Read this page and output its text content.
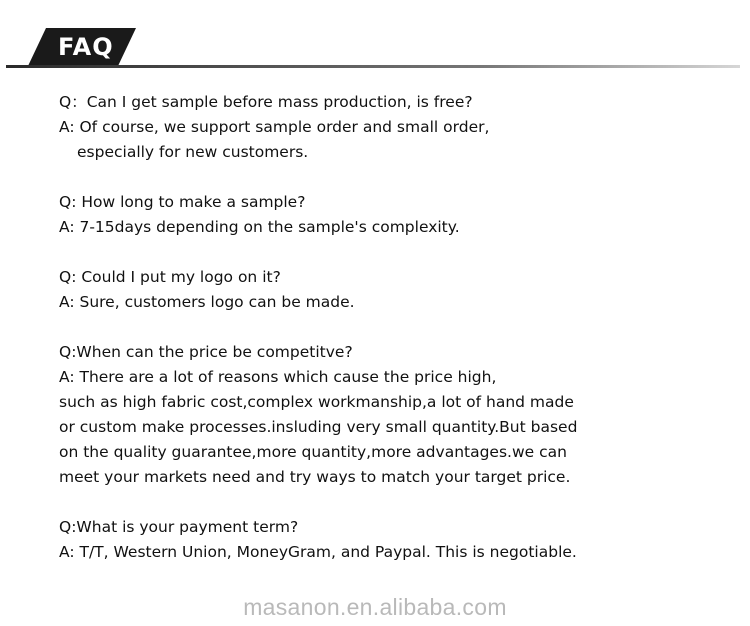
FAQ
Q：Can I get sample before mass production, is free?
A: Of course, we support sample order and small order,
especially for new customers.
Q: How long to make a sample?
A: 7-15days depending on the sample's complexity.
Q: Could I put my logo on it?
A: Sure, customers logo can be made.
Q:When can the price be competitve?
A: There are a lot of reasons which cause the price high,
such as high fabric cost,complex workmanship,a lot of hand made
or custom make processes.insluding very small quantity.But based
on the quality guarantee,more quantity,more advantages.we can
meet your markets need and try ways to match your target price.
Q:What is your payment term?
A: T/T, Western Union, MoneyGram, and Paypal. This is negotiable.
masanon.en.alibaba.com
